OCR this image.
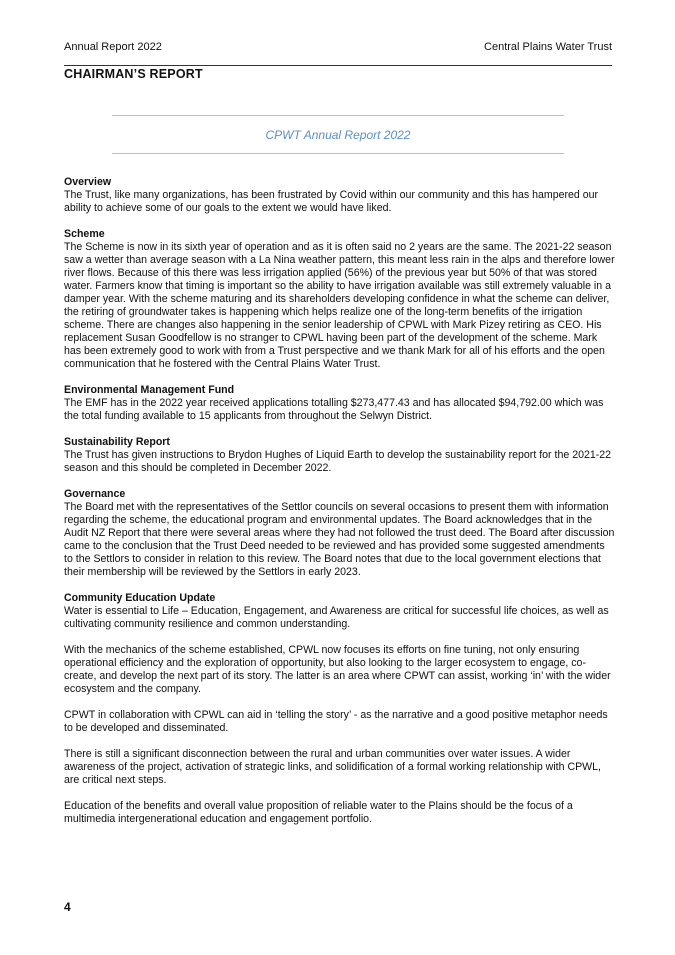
Annual Report 2022	Central Plains Water Trust
CHAIRMAN’S REPORT
CPWT Annual Report 2022
Overview

The Trust, like many organizations, has been frustrated by Covid within our community and this has hampered our ability to achieve some of our goals to the extent we would have liked.

Scheme

The Scheme is now in its sixth year of operation and as it is often said no 2 years are the same. The 2021-22 season saw a wetter than average season with a La Nina weather pattern, this meant less rain in the alps and therefore lower river flows. Because of this there was less irrigation applied (56%) of the previous year but 50% of that was stored water. Farmers know that timing is important so the ability to have irrigation available was still extremely valuable in a damper year. With the scheme maturing and its shareholders developing confidence in what the scheme can deliver, the retiring of groundwater takes is happening which helps realize one of the long-term benefits of the irrigation scheme. There are changes also happening in the senior leadership of CPWL with Mark Pizey retiring as CEO. His replacement Susan Goodfellow is no stranger to CPWL having been part of the development of the scheme. Mark has been extremely good to work with from a Trust perspective and we thank Mark for all of his efforts and the open communication that he fostered with the Central Plains Water Trust.

Environmental Management Fund

The EMF has in the 2022 year received applications totalling $273,477.43 and has allocated $94,792.00 which was the total funding available to 15 applicants from throughout the Selwyn District.

Sustainability Report

The Trust has given instructions to Brydon Hughes of Liquid Earth to develop the sustainability report for the 2021-22 season and this should be completed in December 2022.

Governance

The Board met with the representatives of the Settlor councils on several occasions to present them with information regarding the scheme, the educational program and environmental updates. The Board acknowledges that in the Audit NZ Report that there were several areas where they had not followed the trust deed. The Board after discussion came to the conclusion that the Trust Deed needed to be reviewed and has provided some suggested amendments to the Settlors to consider in relation to this review. The Board notes that due to the local government elections that their membership will be reviewed by the Settlors in early 2023.

Community Education Update

Water is essential to Life – Education, Engagement, and Awareness are critical for successful life choices, as well as cultivating community resilience and common understanding.

With the mechanics of the scheme established, CPWL now focuses its efforts on fine tuning, not only ensuring operational efficiency and the exploration of opportunity, but also looking to the larger ecosystem to engage, co-create, and develop the next part of its story. The latter is an area where CPWT can assist, working ‘in’ with the wider ecosystem and the company.

CPWT in collaboration with CPWL can aid in ‘telling the story’ - as the narrative and a good positive metaphor needs to be developed and disseminated.

There is still a significant disconnection between the rural and urban communities over water issues. A wider awareness of the project, activation of strategic links, and solidification of a formal working relationship with CPWL, are critical next steps.

Education of the benefits and overall value proposition of reliable water to the Plains should be the focus of a multimedia intergenerational education and engagement portfolio.

4
